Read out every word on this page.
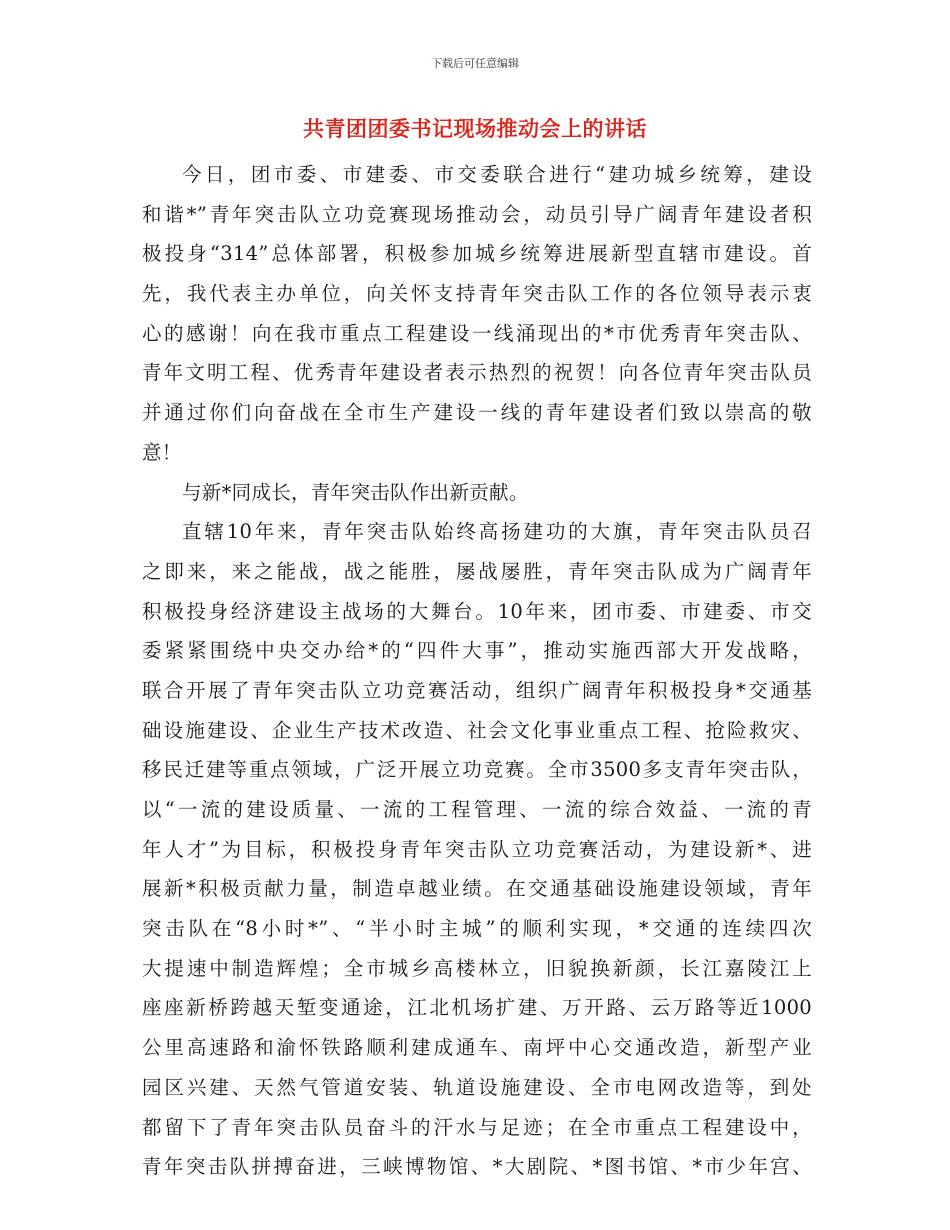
下载后可任意编辑
共青团团委书记现场推动会上的讲话
今日，团市委、市建委、市交委联合进行“建功城乡统筹，建设
和谐*”青年突击队立功竞赛现场推动会，动员引导广阔青年建设者积
极投身“314”总体部署，积极参加城乡统筹进展新型直辖市建设。首
先，我代表主办单位，向关怀支持青年突击队工作的各位领导表示衷
心的感谢！向在我市重点工程建设一线涌现出的*市优秀青年突击队、
青年文明工程、优秀青年建设者表示热烈的祝贺！向各位青年突击队员
并通过你们向奋战在全市生产建设一线的青年建设者们致以崇高的敬
意！
与新*同成长，青年突击队作出新贡献。
直辖10年来，青年突击队始终高扬建功的大旗，青年突击队员召
之即来，来之能战，战之能胜，屡战屡胜，青年突击队成为广阔青年
积极投身经济建设主战场的大舞台。10年来，团市委、市建委、市交
委紧紧围绕中央交办给*的“四件大事”，推动实施西部大开发战略，
联合开展了青年突击队立功竞赛活动，组织广阔青年积极投身*交通基
础设施建设、企业生产技术改造、社会文化事业重点工程、抢险救灾、
移民迁建等重点领域，广泛开展立功竞赛。全市3500多支青年突击队，
以“一流的建设质量、一流的工程管理、一流的综合效益、一流的青
年人才”为目标，积极投身青年突击队立功竞赛活动，为建设新*、进
展新*积极贡献力量，制造卓越业绩。在交通基础设施建设领域，青年
突击队在“8小时*”、“半小时主城”的顺利实现，*交通的连续四次
大提速中制造辉煌；全市城乡高楼林立，旧貌换新颜，长江嘉陵江上
座座新桥跨越天堑变通途，江北机场扩建、万开路、云万路等近1000
公里高速路和渝怀铁路顺利建成通车、南坪中心交通改造，新型产业
园区兴建、天然气管道安装、轨道设施建设、全市电网改造等，到处
都留下了青年突击队员奋斗的汗水与足迹；在全市重点工程建设中，
青年突击队拼搏奋进，三峡博物馆、*大剧院、*图书馆、*市少年宫、
